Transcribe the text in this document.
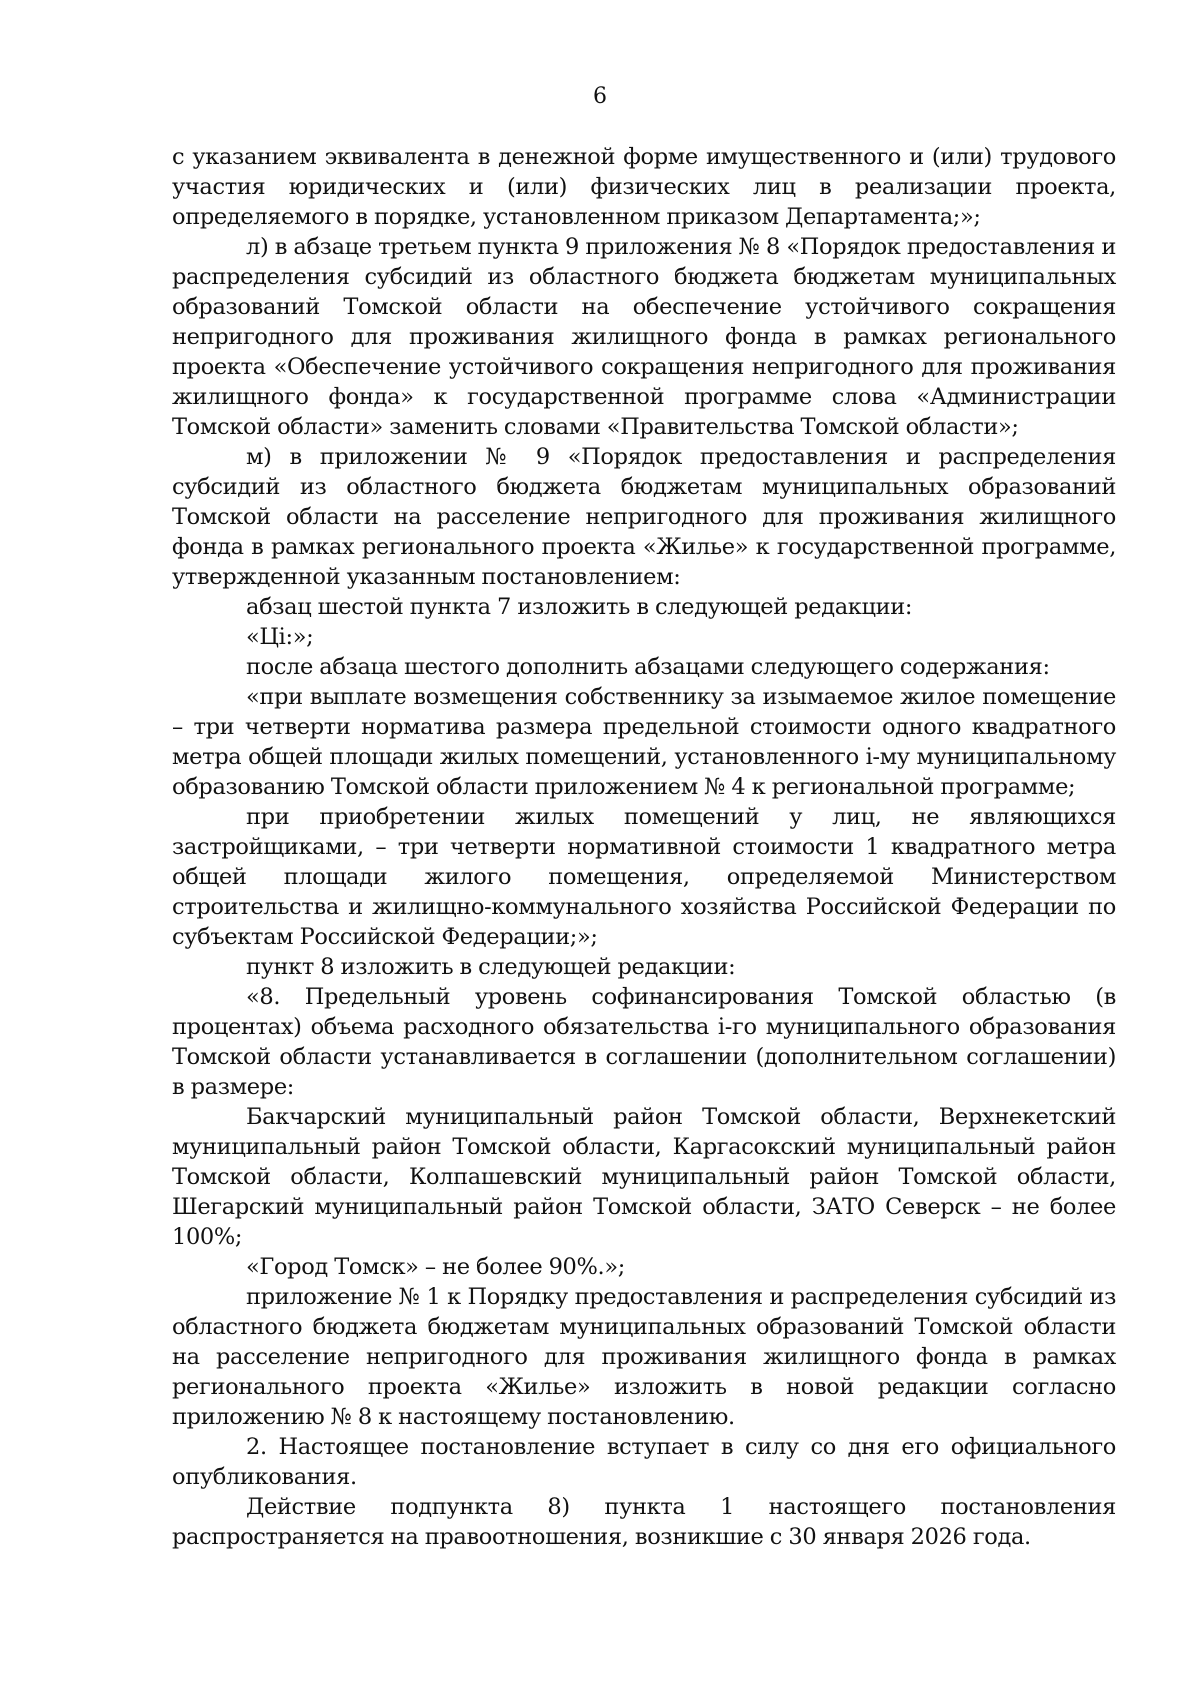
6

с указанием эквивалента в денежной форме имущественного и (или) трудового участия юридических и (или) физических лиц в реализации проекта, определяемого в порядке, установленном приказом Департамента;»;

л) в абзаце третьем пункта 9 приложения № 8 «Порядок предоставления и распределения субсидий из областного бюджета бюджетам муниципальных образований Томской области на обеспечение устойчивого сокращения непригодного для проживания жилищного фонда в рамках регионального проекта «Обеспечение устойчивого сокращения непригодного для проживания жилищного фонда» к государственной программе слова «Администрации Томской области» заменить словами «Правительства Томской области»;

м) в приложении № 9 «Порядок предоставления и распределения субсидий из областного бюджета бюджетам муниципальных образований Томской области на расселение непригодного для проживания жилищного фонда в рамках регионального проекта «Жилье» к государственной программе, утвержденной указанным постановлением:

абзац шестой пункта 7 изложить в следующей редакции:

«Ці:»;

после абзаца шестого дополнить абзацами следующего содержания:

«при выплате возмещения собственнику за изымаемое жилое помещение – три четверти норматива размера предельной стоимости одного квадратного метра общей площади жилых помещений, установленного і-му муниципальному образованию Томской области приложением № 4 к региональной программе;

при приобретении жилых помещений у лиц, не являющихся застройщиками, – три четверти нормативной стоимости 1 квадратного метра общей площади жилого помещения, определяемой Министерством строительства и жилищно-коммунального хозяйства Российской Федерации по субъектам Российской Федерации;»;

пункт 8 изложить в следующей редакции:

«8. Предельный уровень софинансирования Томской областью (в процентах) объема расходного обязательства і-го муниципального образования Томской области устанавливается в соглашении (дополнительном соглашении) в размере:

Бакчарский муниципальный район Томской области, Верхнекетский муниципальный район Томской области, Каргасокский муниципальный район Томской области, Колпашевский муниципальный район Томской области, Шегарский муниципальный район Томской области, ЗАТО Северск – не более 100%;

«Город Томск» – не более 90%.»;

приложение № 1 к Порядку предоставления и распределения субсидий из областного бюджета бюджетам муниципальных образований Томской области на расселение непригодного для проживания жилищного фонда в рамках регионального проекта «Жилье» изложить в новой редакции согласно приложению № 8 к настоящему постановлению.

2. Настоящее постановление вступает в силу со дня его официального опубликования.

Действие подпункта 8) пункта 1 настоящего постановления распространяется на правоотношения, возникшие с 30 января 2026 года.
